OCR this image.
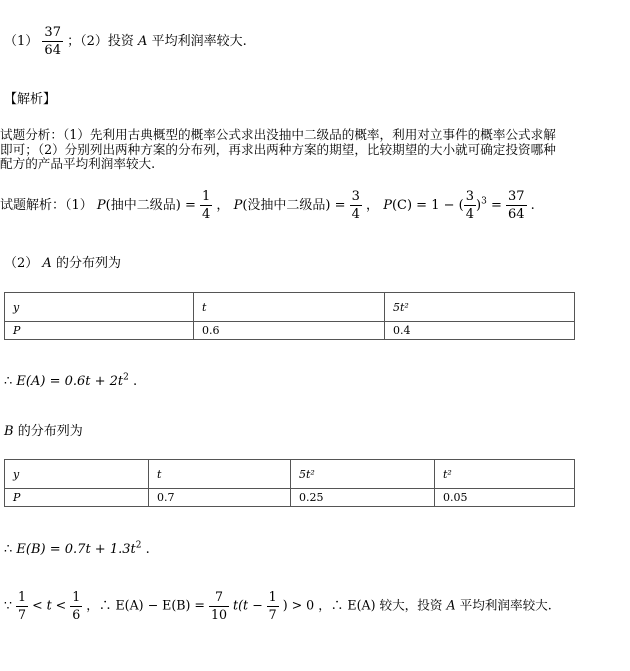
$(1) \frac{37}{64}$ ；（2）投资 A 平均利润率较大.
【解析】
试题分析：（1）先利用古典概型的概率公式求出没抽中二级品的概率，利用对立事件的概率公式求解
即可；（2）分别列出两种方案的分布列，再求出两种方案的期望，比较期望的大小就可确定投资哪种
配方的产品平均利润率较大.
试题解析：（1） P(抽中二级品) = $\frac{1}{4}$ ， P(没抽中二级品) = $\frac{3}{4}$ ， P(C) = 1 − ( $\frac{3}{4} )^3 = \frac{37}{64}$ .
（2） A 的分布列为
y	t	5t²
P	0.6	0.4
∴ $E(A) = 0.6t + 2t^2$ .
B 的分布列为
y	t	5t²	t²
P	0.7	0.25	0.05
∴ $E(B) = 0.7t + 1.3t^2$ .
∵ $\frac{1}{7} < t < \frac{1}{6}$ ，∴ $E(A) - E(B) = \frac{7}{10} t(t - \frac{1}{7}$ ) > 0 ，∴ E(A) 较大，投资 A 平均利润率较大.
